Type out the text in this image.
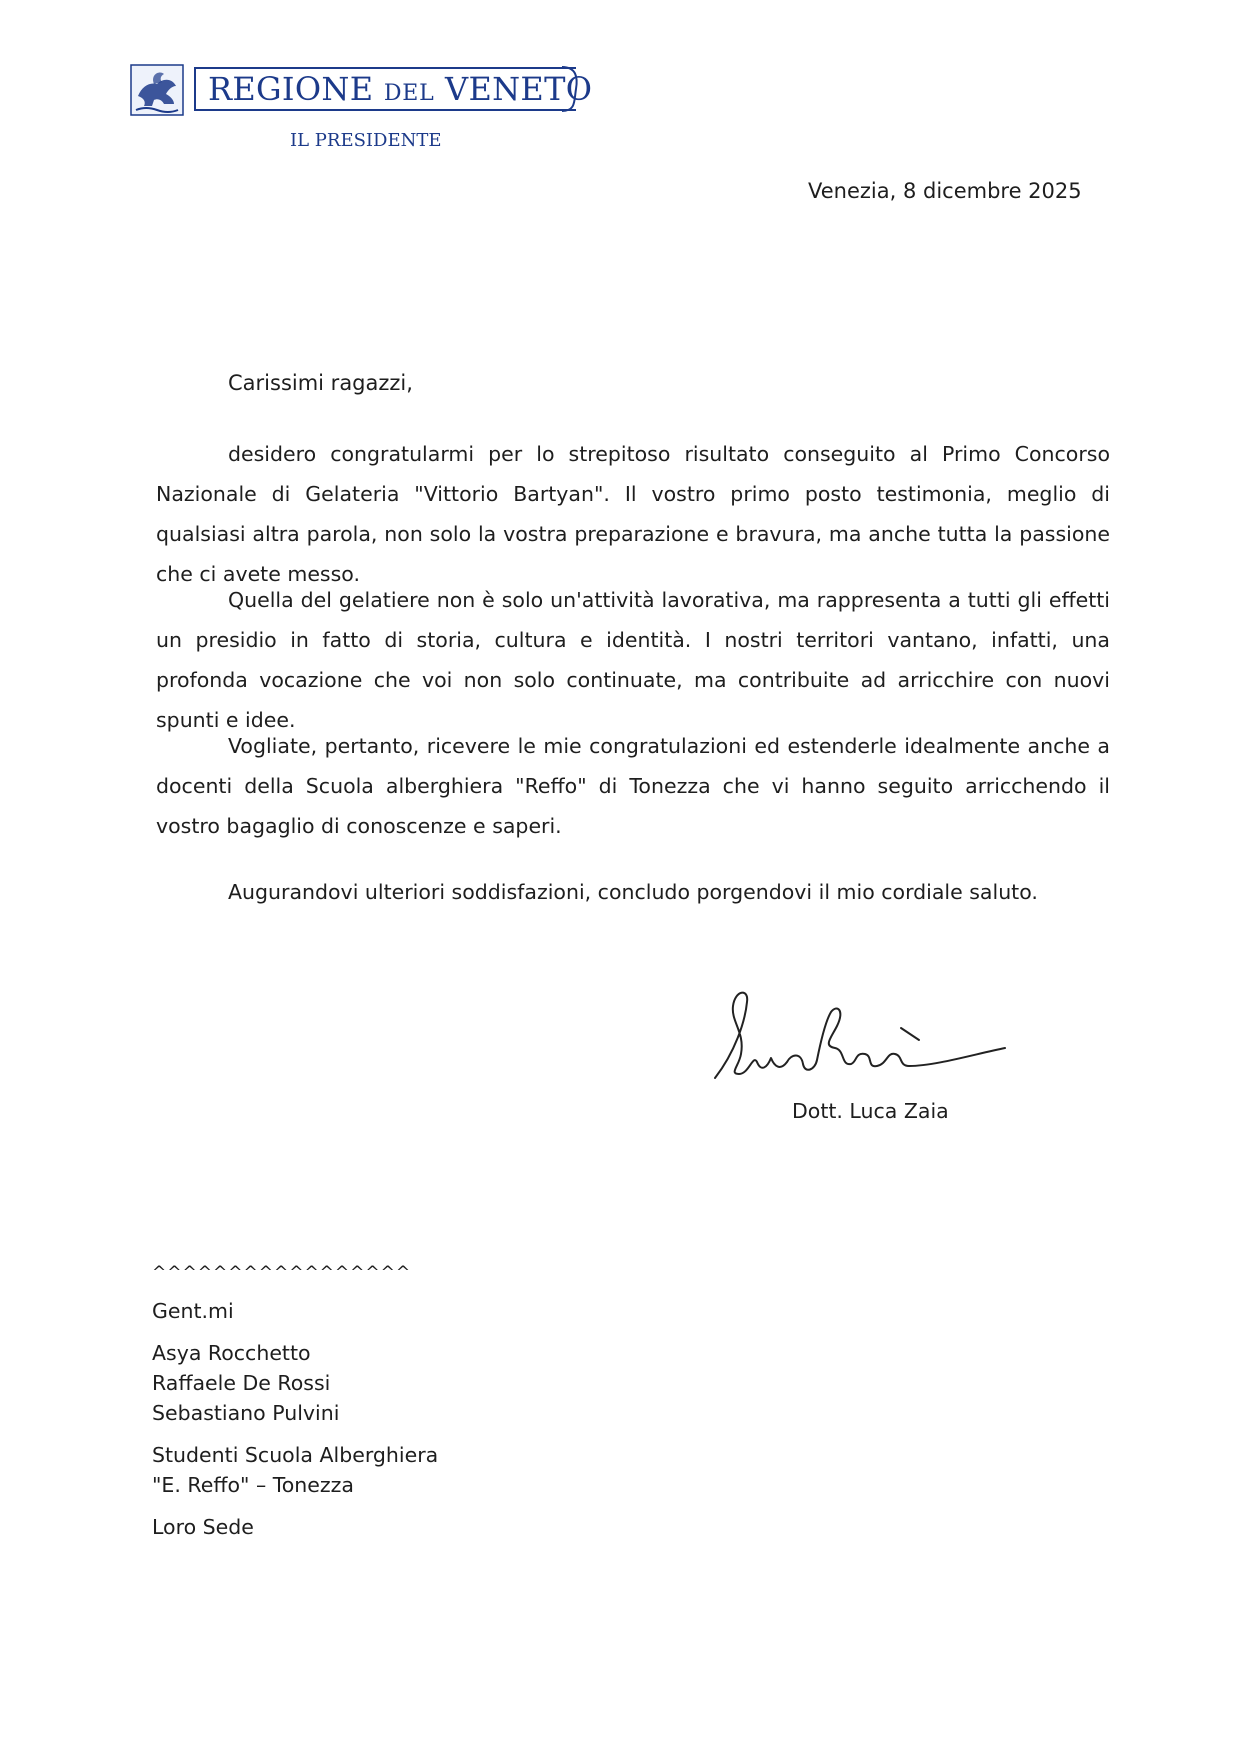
REGIONE DEL VENETO
IL PRESIDENTE
Venezia, 8 dicembre 2025
Carissimi ragazzi,

desidero congratularmi per lo strepitoso risultato conseguito al Primo Concorso Nazionale di Gelateria "Vittorio Bartyan". Il vostro primo posto testimonia, meglio di qualsiasi altra parola, non solo la vostra preparazione e bravura, ma anche tutta la passione che ci avete messo.

Quella del gelatiere non è solo un'attività lavorativa, ma rappresenta a tutti gli effetti un presidio in fatto di storia, cultura e identità. I nostri territori vantano, infatti, una profonda vocazione che voi non solo continuate, ma contribuite ad arricchire con nuovi spunti e idee.

Vogliate, pertanto, ricevere le mie congratulazioni ed estenderle idealmente anche a docenti della Scuola alberghiera "Reffo" di Tonezza che vi hanno seguito arricchendo il vostro bagaglio di conoscenze e saperi.

Augurandovi ulteriori soddisfazioni, concludo porgendovi il mio cordiale saluto.

Dott. Luca Zaia
^^^^^^^^^^^^^^^^^
Gent.mi
Asya Rocchetto
Raffaele De Rossi
Sebastiano Pulvini
Studenti Scuola Alberghiera
"E. Reffo" – Tonezza
Loro Sede
